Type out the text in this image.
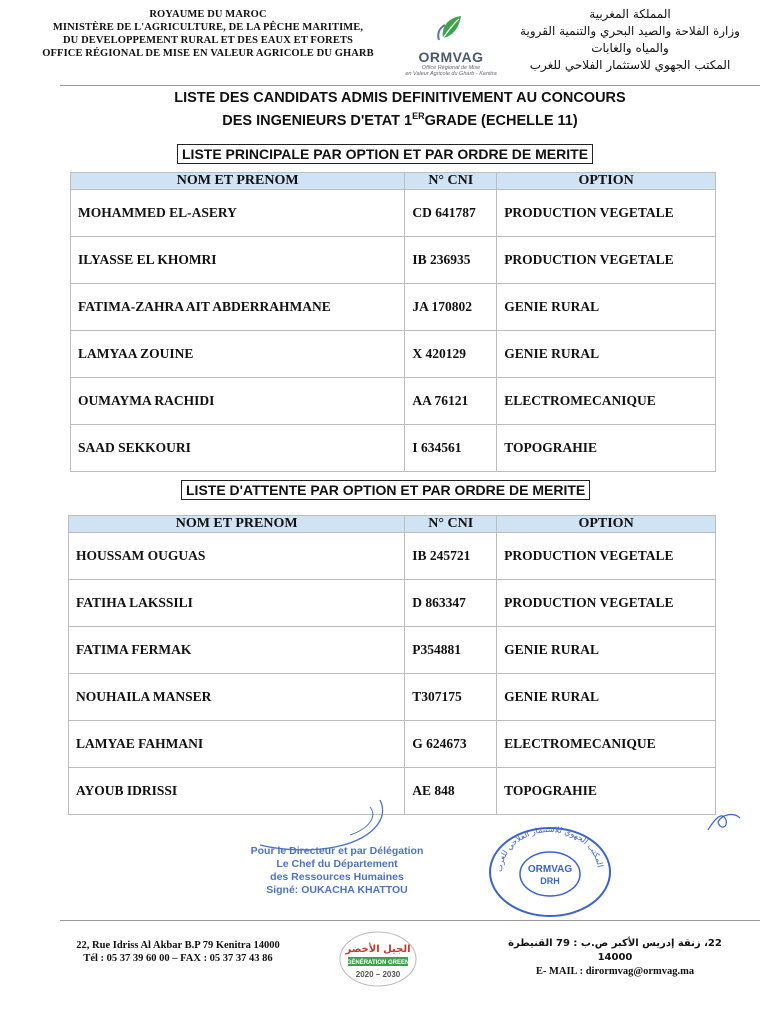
ROYAUME DU MAROC
MINISTÈRE DE L'AGRICULTURE, DE LA PÊCHE MARITIME,
DU DEVELOPPEMENT RURAL ET DES EAUX ET FORETS
OFFICE RÉGIONAL DE MISE EN VALEUR AGRICOLE DU GHARB	ORMVAG
Office Régional de Mise
en Valeur Agricole du Gharb - Kenitra
المملكة المغربية
وزارة الفلاحة والصيد البحري والتنمية القروية والمياه والغابات
المكتب الجهوي للاستثمار الفلاحي للغرب
LISTE DES CANDIDATS ADMIS DEFINITIVEMENT AU CONCOURS
DES INGENIEURS D'ETAT 1ERGRADE (ECHELLE 11)
LISTE PRINCIPALE PAR OPTION ET PAR ORDRE DE MERITE
NOM ET PRENOM	N° CNI	OPTION
MOHAMMED EL-ASERY	CD 641787	PRODUCTION VEGETALE
ILYASSE EL KHOMRI	IB 236935	PRODUCTION VEGETALE
FATIMA-ZAHRA AIT ABDERRAHMANE	JA 170802	GENIE RURAL
LAMYAA ZOUINE	X 420129	GENIE RURAL
OUMAYMA RACHIDI	AA 76121	ELECTROMECANIQUE
SAAD SEKKOURI	I 634561	TOPOGRAHIE
LISTE D'ATTENTE PAR OPTION ET PAR ORDRE DE MERITE
NOM ET PRENOM	N° CNI	OPTION
HOUSSAM OUGUAS	IB 245721	PRODUCTION VEGETALE
FATIHA LAKSSILI	D 863347	PRODUCTION VEGETALE
FATIMA FERMAK	P354881	GENIE RURAL
NOUHAILA MANSER	T307175	GENIE RURAL
LAMYAE FAHMANI	G 624673	ELECTROMECANIQUE
AYOUB IDRISSI	AE 848	TOPOGRAHIE
Pour le Directeur et par Délégation
Le Chef du Département
des Ressources Humaines
Signé: OUKACHA KHATTOU
المكتب الجهوي للاستثمار الفلاحي للغرب
ORMVAG
DRH
22, Rue Idriss Al Akbar B.P 79 Kenitra 14000
Tél : 05 37 39 60 00 – FAX : 05 37 37 43 86
الجيل الأخضر
GÉNÉRATION GREEN
2020 – 2030
22، زنقة إدريس الأكبر ص.ب : 79 القنيطرة 14000
E- MAIL : dirormvag@ormvag.ma
